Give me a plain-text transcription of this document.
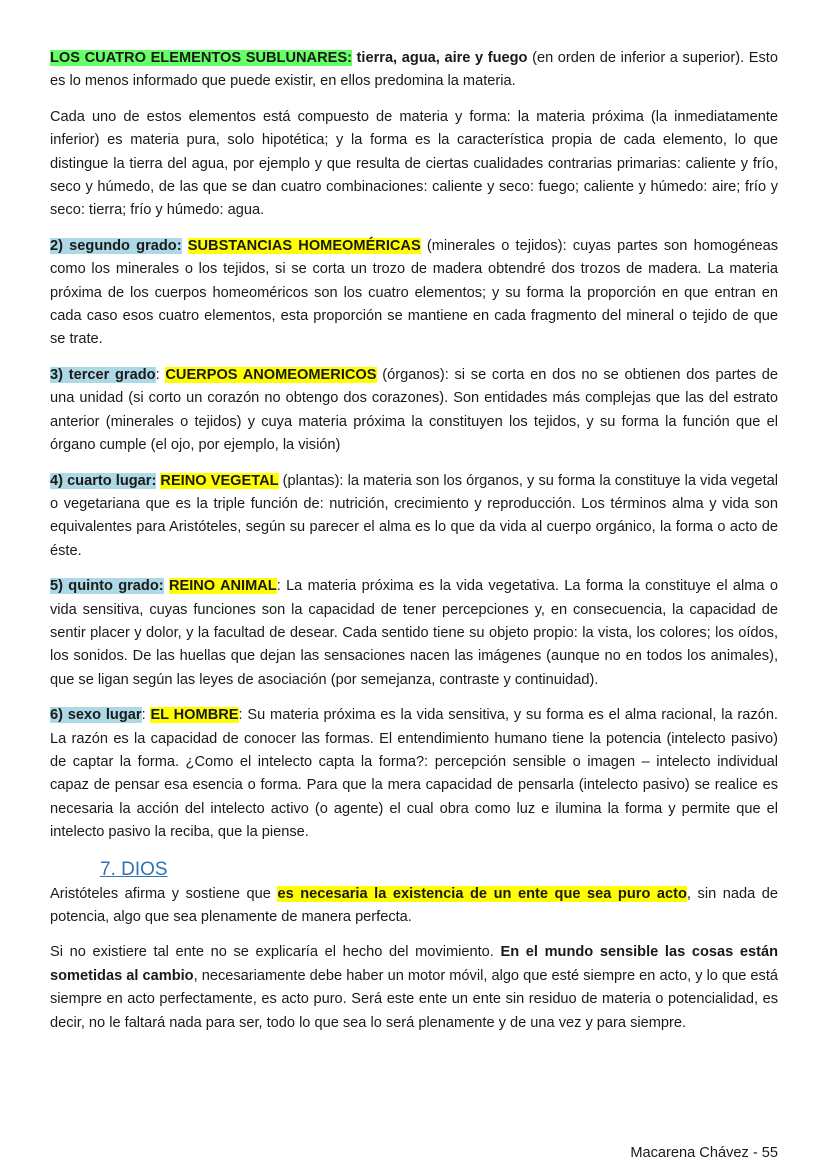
LOS CUATRO ELEMENTOS SUBLUNARES: tierra, agua, aire y fuego (en orden de inferior a superior). Esto es lo menos informado que puede existir, en ellos predomina la materia.

Cada uno de estos elementos está compuesto de materia y forma: la materia próxima (la inmediatamente inferior) es materia pura, solo hipotética; y la forma es la característica propia de cada elemento, lo que distingue la tierra del agua, por ejemplo y que resulta de ciertas cualidades contrarias primarias: caliente y frío, seco y húmedo, de las que se dan cuatro combinaciones: caliente y seco: fuego; caliente y húmedo: aire; frío y seco: tierra; frío y húmedo: agua.

2) segundo grado: SUBSTANCIAS HOMEOMÉRICAS (minerales o tejidos): cuyas partes son homogéneas como los minerales o los tejidos, si se corta un trozo de madera obtendré dos trozos de madera. La materia próxima de los cuerpos homeoméricos son los cuatro elementos; y su forma la proporción en que entran en cada caso esos cuatro elementos, esta proporción se mantiene en cada fragmento del mineral o tejido de que se trate.

3) tercer grado: CUERPOS ANOMEOMERICOS (órganos): si se corta en dos no se obtienen dos partes de una unidad (si corto un corazón no obtengo dos corazones). Son entidades más complejas que las del estrato anterior (minerales o tejidos) y cuya materia próxima la constituyen los tejidos, y su forma la función que el órgano cumple (el ojo, por ejemplo, la visión)

4) cuarto lugar: REINO VEGETAL (plantas): la materia son los órganos, y su forma la constituye la vida vegetal o vegetariana que es la triple función de: nutrición, crecimiento y reproducción. Los términos alma y vida son equivalentes para Aristóteles, según su parecer el alma es lo que da vida al cuerpo orgánico, la forma o acto de éste.

5) quinto grado: REINO ANIMAL: La materia próxima es la vida vegetativa. La forma la constituye el alma o vida sensitiva, cuyas funciones son la capacidad de tener percepciones y, en consecuencia, la capacidad de sentir placer y dolor, y la facultad de desear. Cada sentido tiene su objeto propio: la vista, los colores; los oídos, los sonidos. De las huellas que dejan las sensaciones nacen las imágenes (aunque no en todos los animales), que se ligan según las leyes de asociación (por semejanza, contraste y continuidad).

6) sexo lugar: EL HOMBRE: Su materia próxima es la vida sensitiva, y su forma es el alma racional, la razón. La razón es la capacidad de conocer las formas. El entendimiento humano tiene la potencia (intelecto pasivo) de captar la forma. ¿Como el intelecto capta la forma?: percepción sensible o imagen – intelecto individual capaz de pensar esa esencia o forma. Para que la mera capacidad de pensarla (intelecto pasivo) se realice es necesaria la acción del intelecto activo (o agente) el cual obra como luz e ilumina la forma y permite que el intelecto pasivo la reciba, que la piense.

7. DIOS

Aristóteles afirma y sostiene que es necesaria la existencia de un ente que sea puro acto, sin nada de potencia, algo que sea plenamente de manera perfecta.

Si no existiere tal ente no se explicaría el hecho del movimiento. En el mundo sensible las cosas están sometidas al cambio, necesariamente debe haber un motor móvil, algo que esté siempre en acto, y lo que está siempre en acto perfectamente, es acto puro. Será este ente un ente sin residuo de materia o potencialidad, es decir, no le faltará nada para ser, todo lo que sea lo será plenamente y de una vez y para siempre.

Macarena Chávez - 55
